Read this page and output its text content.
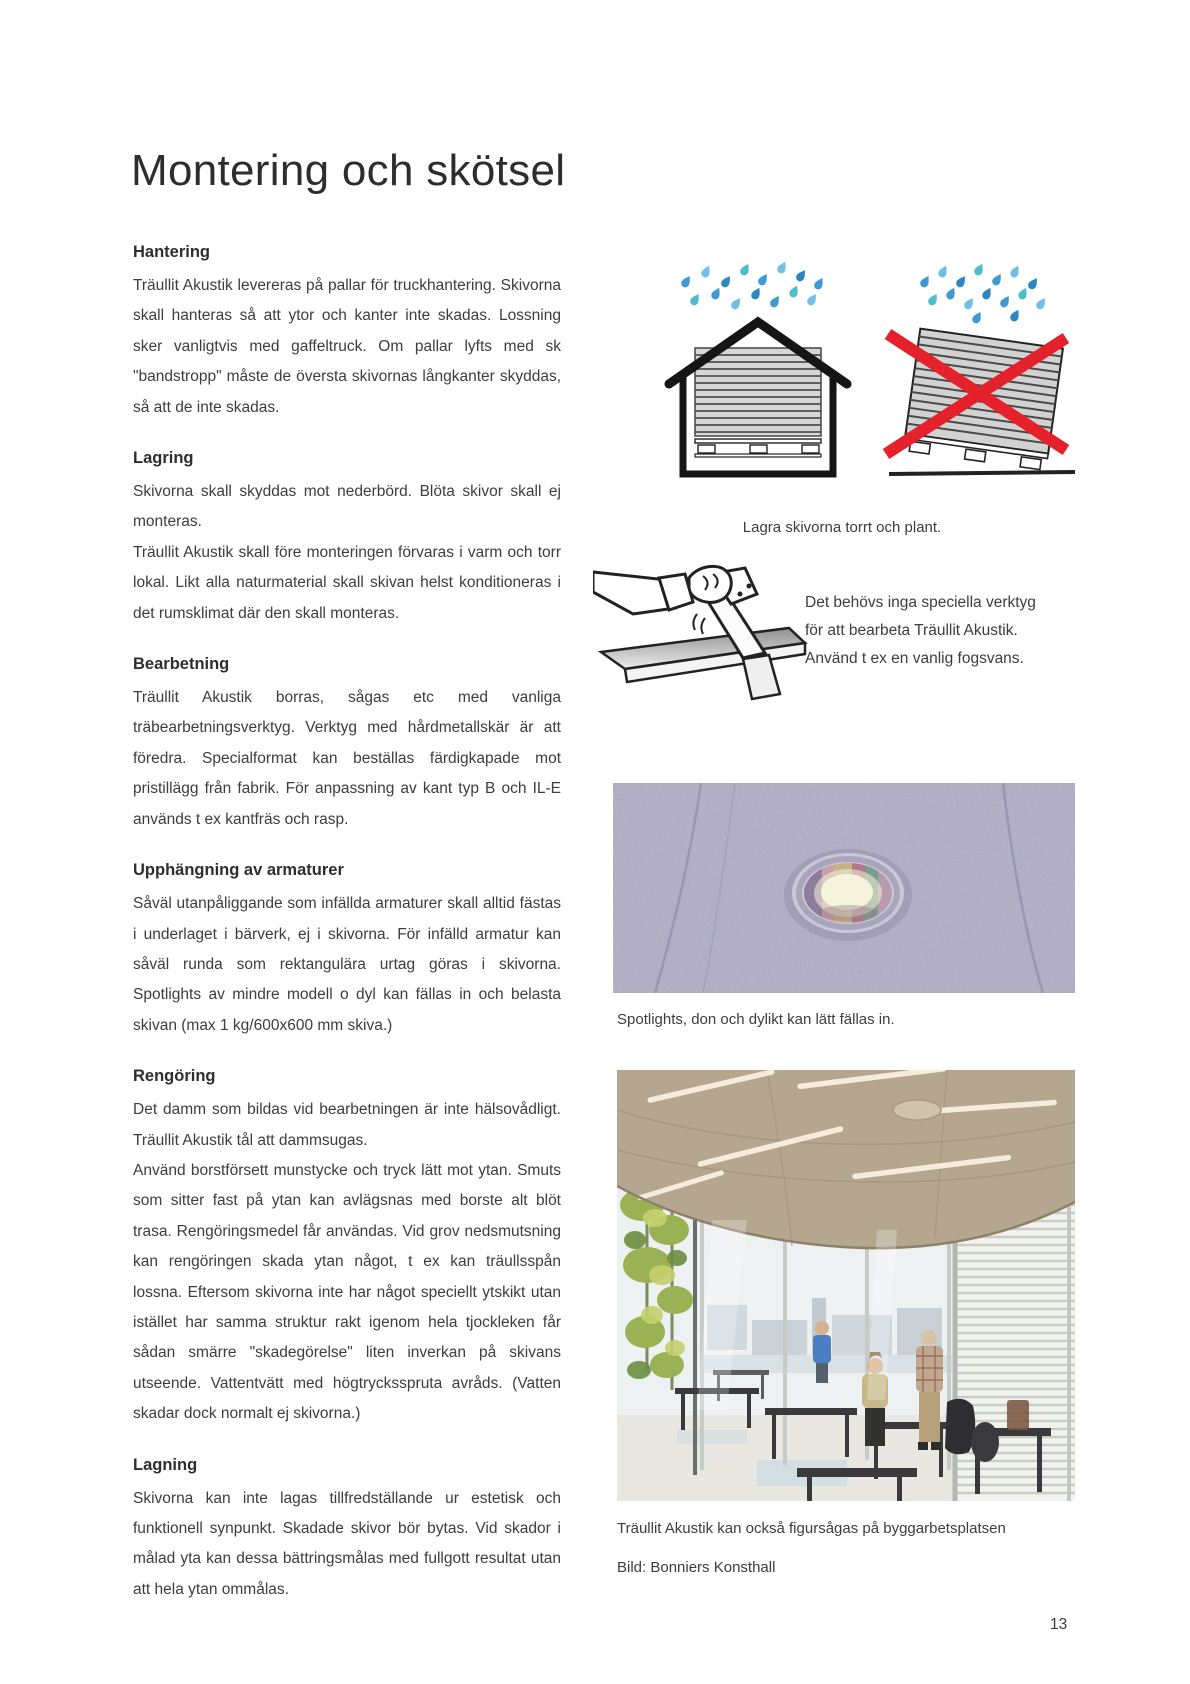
Montering och skötsel
Hantering

Träullit Akustik levereras på pallar för truckhantering. Skivorna skall hanteras så att ytor och kanter inte skadas. Lossning sker vanligtvis med gaffeltruck. Om pallar lyfts med sk "bandstropp" måste de översta skivornas långkanter skyddas, så att de inte skadas.

Lagring

Skivorna skall skyddas mot nederbörd. Blöta skivor skall ej monteras.

Träullit Akustik skall före monteringen förvaras i varm och torr lokal. Likt alla naturmaterial skall skivan helst konditioneras i det rumsklimat där den skall monteras.

Bearbetning

Träullit Akustik borras, sågas etc med vanliga träbearbetningsverktyg. Verktyg med hårdmetallskär är att föredra. Specialformat kan beställas färdigkapade mot pristillägg från fabrik. För anpassning av kant typ B och IL-E används t ex kantfräs och rasp.

Upphängning av armaturer

Såväl utanpåliggande som infällda armaturer skall alltid fästas i underlaget i bärverk, ej i skivorna. För infälld armatur kan såväl runda som rektangulära urtag göras i skivorna. Spotlights av mindre modell o dyl kan fällas in och belasta skivan (max 1 kg/600x600 mm skiva.)

Rengöring

Det damm som bildas vid bearbetningen är inte hälsovådligt. Träullit Akustik tål att dammsugas.

Använd borstförsett munstycke och tryck lätt mot ytan. Smuts som sitter fast på ytan kan avlägsnas med borste alt blöt trasa. Rengöringsmedel får användas. Vid grov nedsmutsning kan rengöringen skada ytan något, t ex kan träullsspån lossna. Eftersom skivorna inte har något speciellt ytskikt utan istället har samma struktur rakt igenom hela tjockleken får sådan smärre "skadegörelse" liten inverkan på skivans utseende. Vattentvätt med högtrycksspruta avråds. (Vatten skadar dock normalt ej skivorna.)

Lagning

Skivorna kan inte lagas tillfredställande ur estetisk och funktionell synpunkt. Skadade skivor bör bytas. Vid skador i målad yta kan dessa bättringsmålas med fullgott resultat utan att hela ytan ommålas.

Lagra skivorna torrt och plant.
Det behövs inga speciella verktyg för att bearbeta Träullit Akustik. Använd t ex en vanlig fogsvans.
Spotlights, don och dylikt kan lätt fällas in.

Träullit Akustik kan också figursågas på byggarbetsplatsen

Bild: Bonniers Konsthall

13
